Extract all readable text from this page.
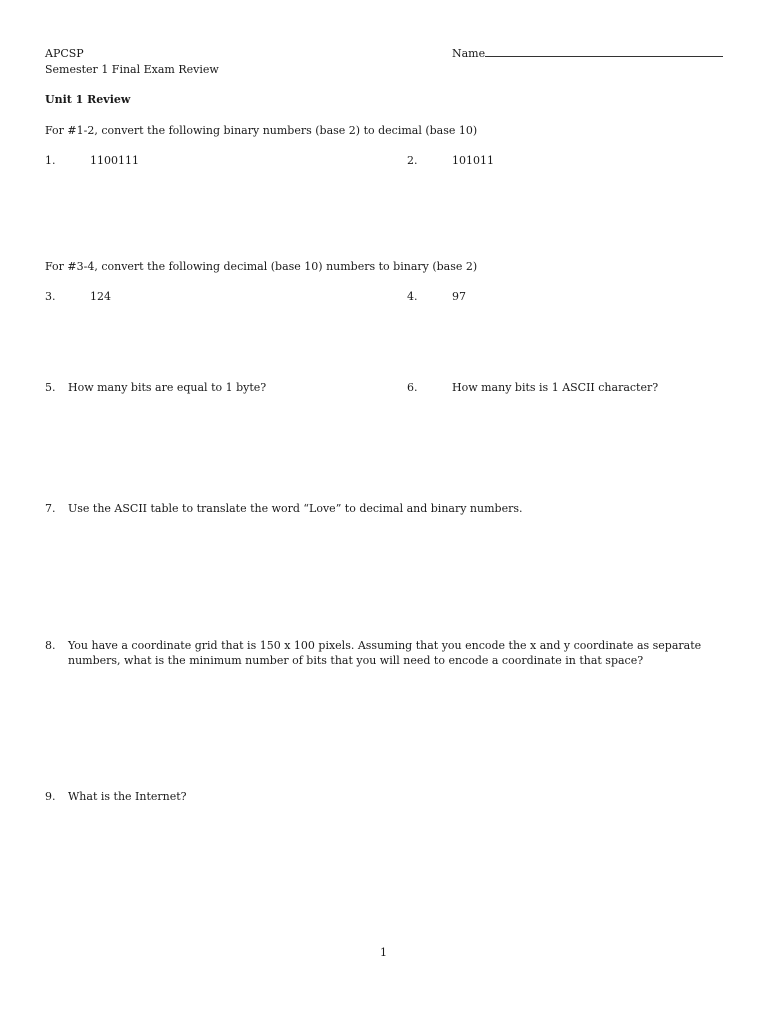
APCSP
Semester 1 Final Exam Review
Name
Unit 1 Review
For #1-2, convert the following binary numbers (base 2) to decimal (base 10)
1.	1100111	2.	101011
For #3-4, convert the following decimal (base 10) numbers to binary (base 2)
3.	124	4.	97
5. How many bits are equal to 1 byte?	6.	How many bits is 1 ASCII character?
7. Use the ASCII table to translate the word “Love” to decimal and binary numbers.
8. You have a coordinate grid that is 150 x 100 pixels. Assuming that you encode the x and y coordinate as separate numbers, what is the minimum number of bits that you will need to encode a coordinate in that space?
9. What is the Internet?
1
